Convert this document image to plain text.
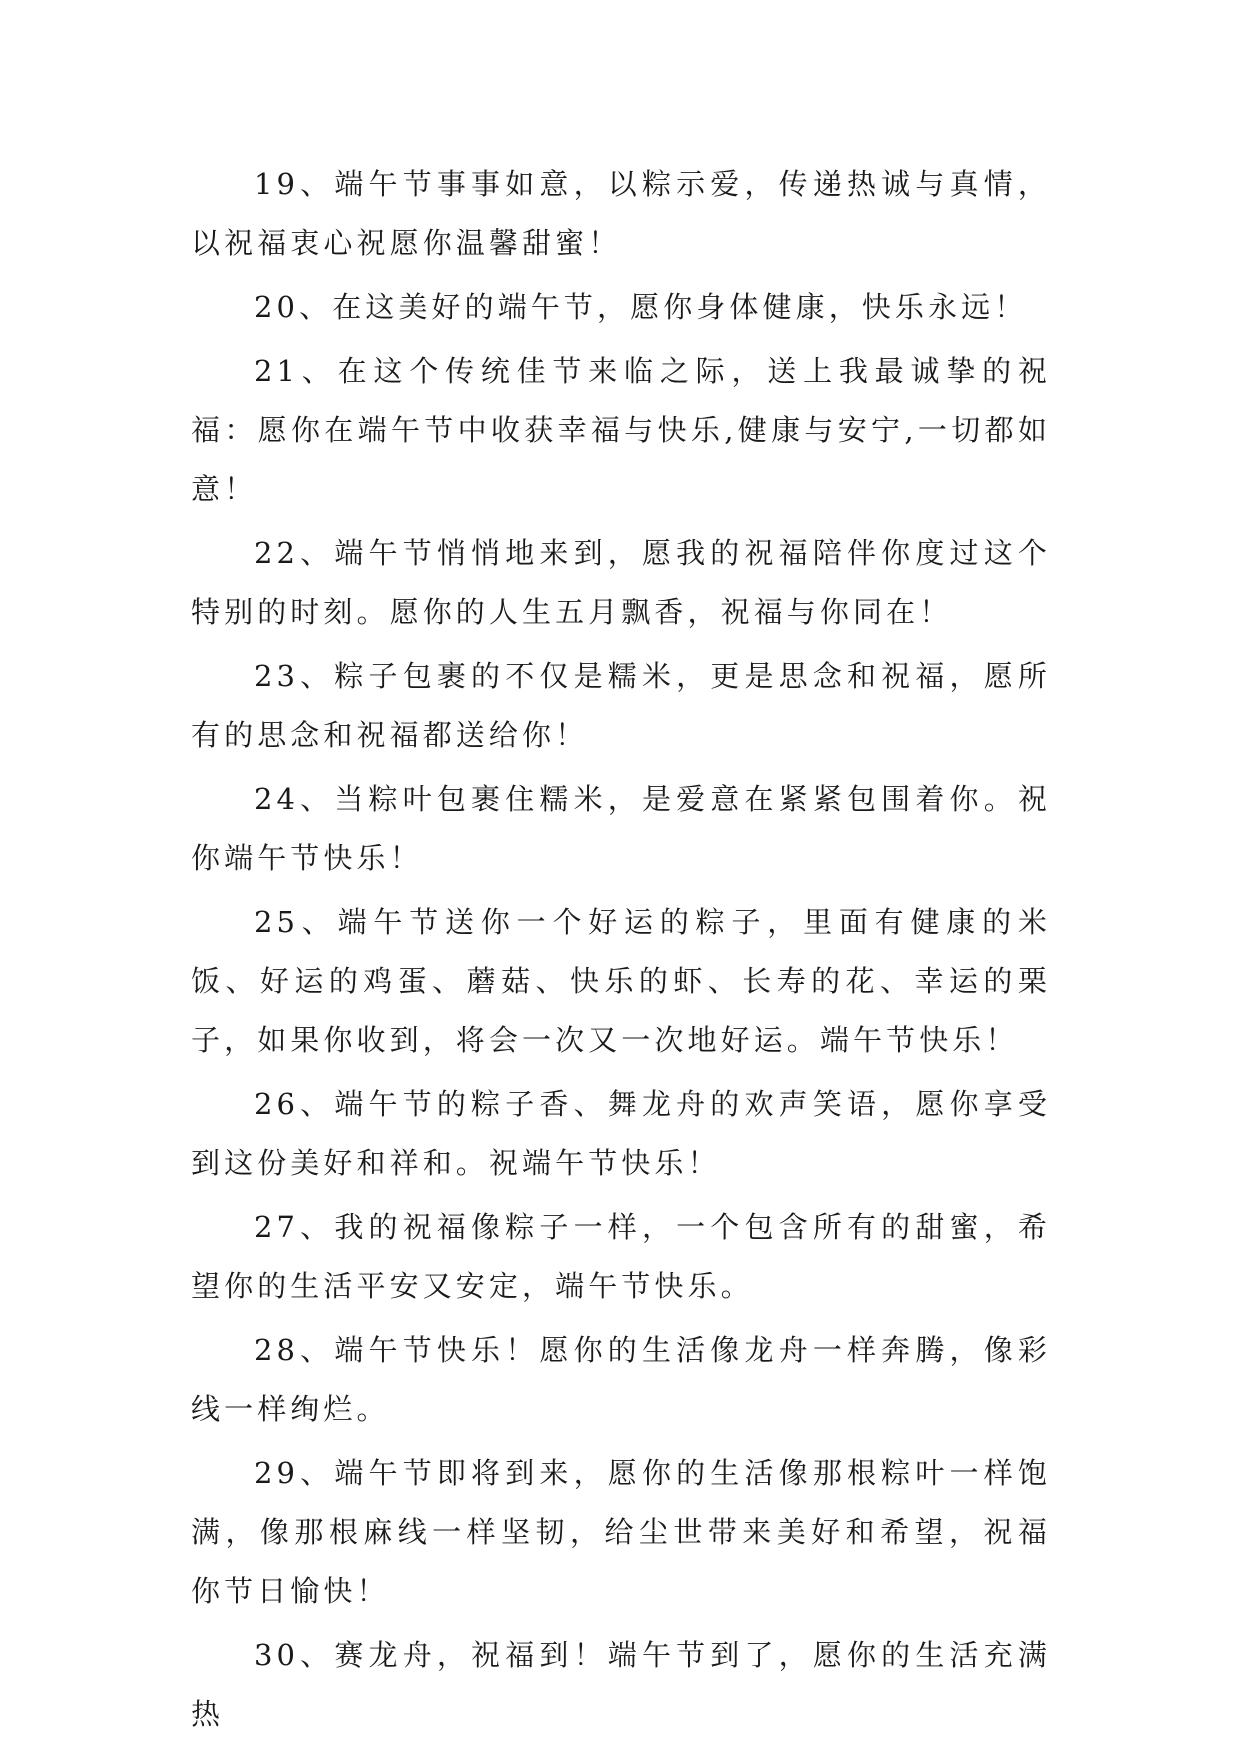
19、端午节事事如意，以粽示爱，传递热诚与真情，以祝福衷心祝愿你温馨甜蜜！

20、在这美好的端午节，愿你身体健康，快乐永远！

21、在这个传统佳节来临之际，送上我最诚挚的祝福：愿你在端午节中收获幸福与快乐,健康与安宁,一切都如意！

22、端午节悄悄地来到，愿我的祝福陪伴你度过这个特别的时刻。愿你的人生五月飘香，祝福与你同在！

23、粽子包裹的不仅是糯米，更是思念和祝福，愿所有的思念和祝福都送给你！

24、当粽叶包裹住糯米，是爱意在紧紧包围着你。祝你端午节快乐！

25、端午节送你一个好运的粽子，里面有健康的米饭、好运的鸡蛋、蘑菇、快乐的虾、长寿的花、幸运的栗子，如果你收到，将会一次又一次地好运。端午节快乐！

26、端午节的粽子香、舞龙舟的欢声笑语，愿你享受到这份美好和祥和。祝端午节快乐！

27、我的祝福像粽子一样，一个包含所有的甜蜜，希望你的生活平安又安定，端午节快乐。

28、端午节快乐！愿你的生活像龙舟一样奔腾，像彩线一样绚烂。

29、端午节即将到来，愿你的生活像那根粽叶一样饱满，像那根麻线一样坚韧，给尘世带来美好和希望，祝福你节日愉快！

30、赛龙舟，祝福到！端午节到了，愿你的生活充满热
